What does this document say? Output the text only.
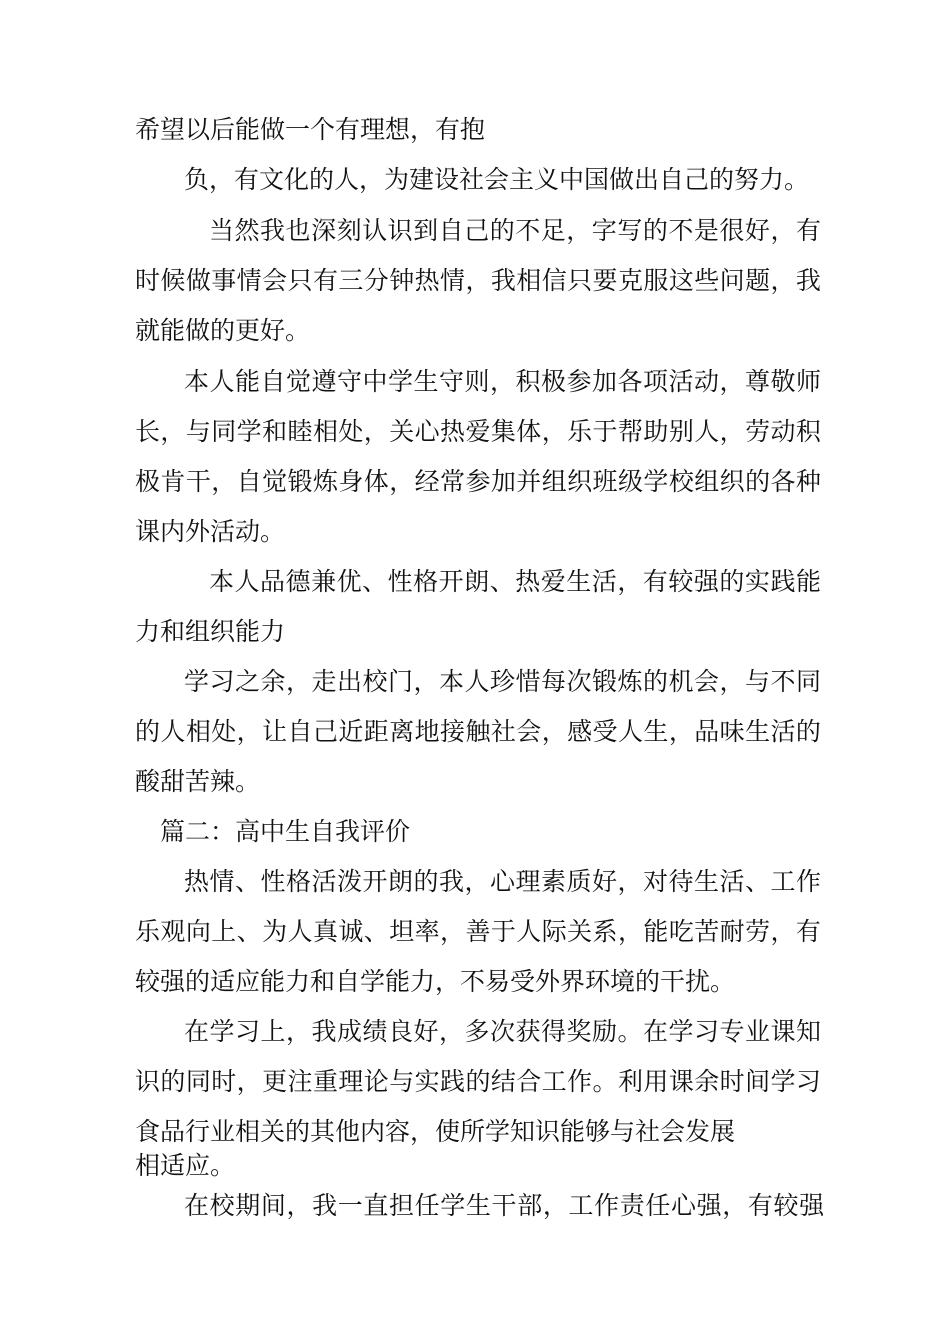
希望以后能做一个有理想，有抱
负，有文化的人，为建设社会主义中国做出自己的努力。
当然我也深刻认识到自己的不足，字写的不是很好，有
时候做事情会只有三分钟热情，我相信只要克服这些问题，我
就能做的更好。
本人能自觉遵守中学生守则，积极参加各项活动，尊敬师
长，与同学和睦相处，关心热爱集体，乐于帮助别人，劳动积
极肯干，自觉锻炼身体，经常参加并组织班级学校组织的各种
课内外活动。
本人品德兼优、性格开朗、热爱生活，有较强的实践能
力和组织能力
学习之余，走出校门，本人珍惜每次锻炼的机会，与不同
的人相处，让自己近距离地接触社会，感受人生，品味生活的
酸甜苦辣。
篇二：高中生自我评价
热情、性格活泼开朗的我，心理素质好，对待生活、工作
乐观向上、为人真诚、坦率，善于人际关系，能吃苦耐劳，有
较强的适应能力和自学能力，不易受外界环境的干扰。
在学习上，我成绩良好，多次获得奖励。在学习专业课知
识的同时，更注重理论与实践的结合工作。利用课余时间学习
食品行业相关的其他内容，使所学知识能够与社会发展
相适应。
在校期间，我一直担任学生干部，工作责任心强，有较强
